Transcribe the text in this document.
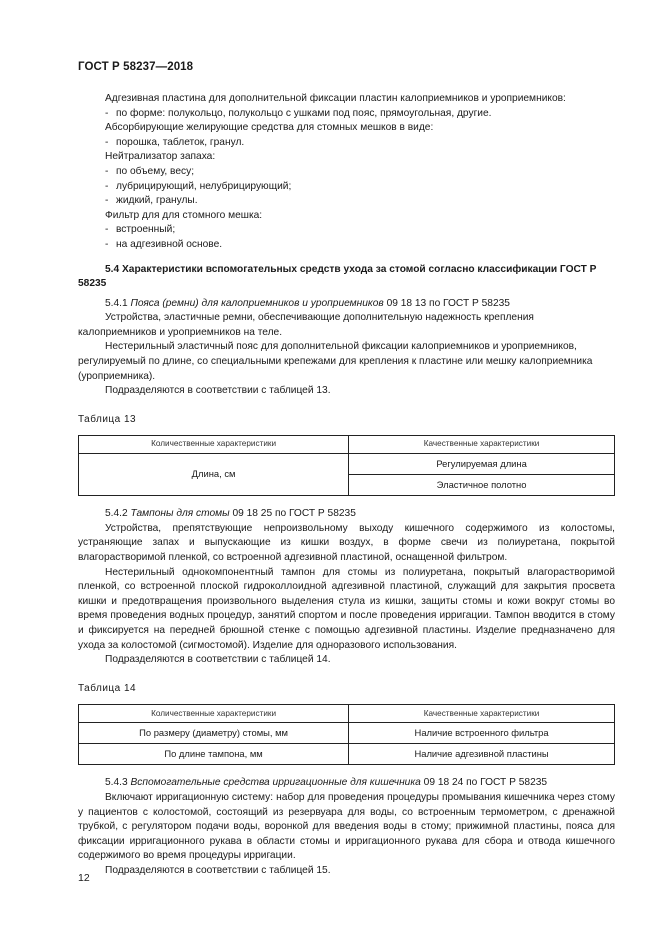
ГОСТ Р 58237—2018

Адгезивная пластина для дополнительной фиксации пластин калоприемников и уроприемников:

- по форме: полукольцо, полукольцо с ушками под пояс, прямоугольная, другие.

Абсорбирующие желирующие средства для стомных мешков в виде:

- порошка, таблеток, гранул.

Нейтрализатор запаха:

- по объему, весу;
- лубрицирующий, нелубрицирующий;
- жидкий, гранулы.

Фильтр для для стомного мешка:

- встроенный;
- на адгезивной основе.

5.4 Характеристики вспомогательных средств ухода за стомой согласно классификации ГОСТ Р 58235

5.4.1 Пояса (ремни) для калоприемников и уроприемников 09 18 13 по ГОСТ Р 58235

Устройства, эластичные ремни, обеспечивающие дополнительную надежность крепления калоприемников и уроприемников на теле.

Нестерильный эластичный пояс для дополнительной фиксации калоприемников и уроприемников, регулируемый по длине, со специальными крепежами для крепления к пластине или мешку калоприемника (уроприемника).

Подразделяются в соответствии с таблицей 13.

Таблица 13
Количественные характеристики	Качественные характеристики
Длина, см	Регулируемая длина
	Эластичное полотно

5.4.2 Тампоны для стомы 09 18 25 по ГОСТ Р 58235

Устройства, препятствующие непроизвольному выходу кишечного содержимого из колостомы, устраняющие запах и выпускающие из кишки воздух, в форме свечи из полиуретана, покрытой влагорастворимой пленкой, со встроенной адгезивной пластиной, оснащенной фильтром.

Нестерильный однокомпонентный тампон для стомы из полиуретана, покрытый влагорастворимой пленкой, со встроенной плоской гидроколлоидной адгезивной пластиной, служащий для закрытия просвета кишки и предотвращения произвольного выделения стула из кишки, защиты стомы и кожи вокруг стомы во время проведения водных процедур, занятий спортом и после проведения ирригации. Тампон вводится в стому и фиксируется на передней брюшной стенке с помощью адгезивной пластины. Изделие предназначено для ухода за колостомой (сигмостомой). Изделие для одноразового использования.

Подразделяются в соответствии с таблицей 14.

Таблица 14
Количественные характеристики	Качественные характеристики
По размеру (диаметру) стомы, мм	Наличие встроенного фильтра
По длине тампона, мм	Наличие адгезивной пластины

5.4.3 Вспомогательные средства ирригационные для кишечника 09 18 24 по ГОСТ Р 58235

Включают ирригационную систему: набор для проведения процедуры промывания кишечника через стому у пациентов с колостомой, состоящий из резервуара для воды, со встроенным термометром, с дренажной трубкой, с регулятором подачи воды, воронкой для введения воды в стому; прижимной пластины, пояса для фиксации ирригационного рукава в области стомы и ирригационного рукава для сбора и отвода кишечного содержимого во время процедуры ирригации.

Подразделяются в соответствии с таблицей 15.

12
